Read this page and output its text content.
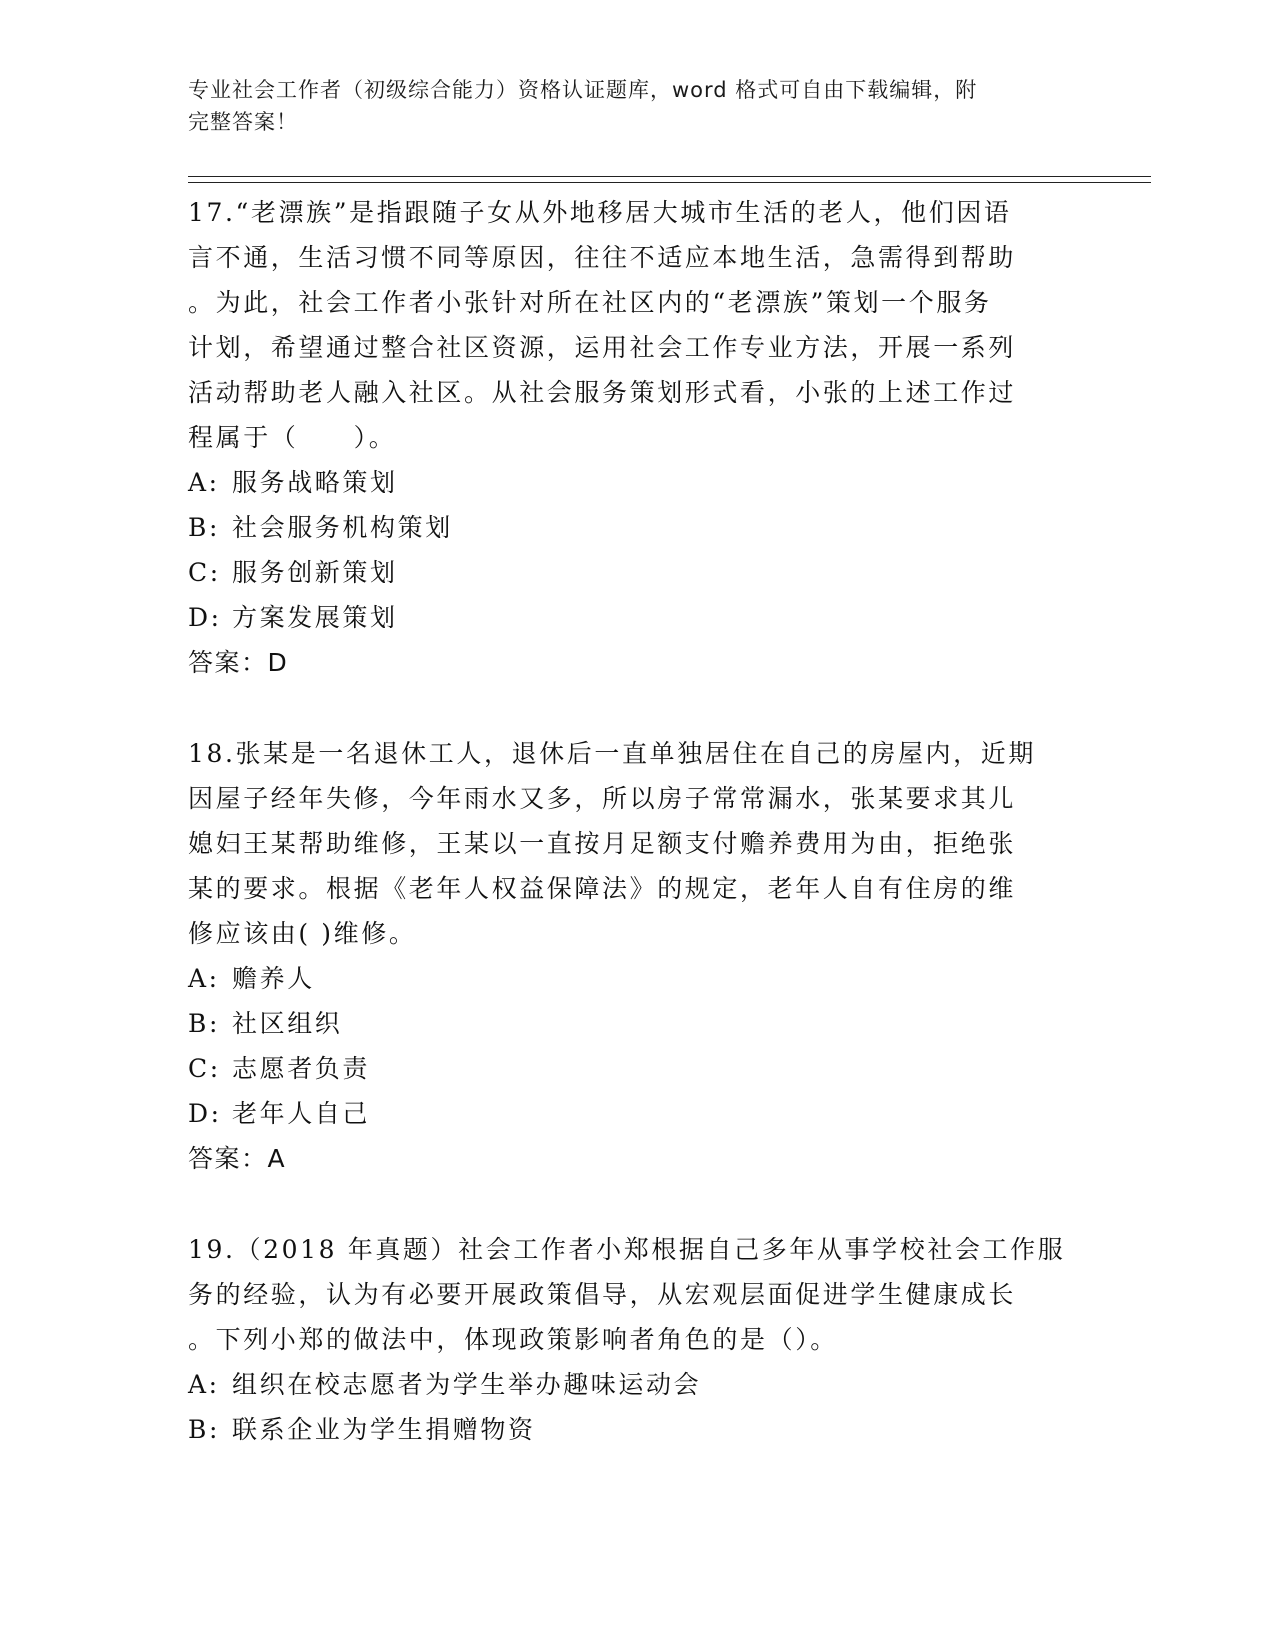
专业社会工作者（初级综合能力）资格认证题库，word 格式可自由下载编辑，附
完整答案！

17.“老漂族”是指跟随子女从外地移居大城市生活的老人，他们因语
言不通，生活习惯不同等原因，往往不适应本地生活，急需得到帮助
。为此，社会工作者小张针对所在社区内的“老漂族”策划一个服务
计划，希望通过整合社区资源，运用社会工作专业方法，开展一系列
活动帮助老人融入社区。从社会服务策划形式看，小张的上述工作过
程属于（　　）。

A: 服务战略策划

B: 社会服务机构策划

C: 服务创新策划

D: 方案发展策划

答案：D

18.张某是一名退休工人，退休后一直单独居住在自己的房屋内，近期
因屋子经年失修，今年雨水又多，所以房子常常漏水，张某要求其儿
媳妇王某帮助维修，王某以一直按月足额支付赡养费用为由，拒绝张
某的要求。根据《老年人权益保障法》的规定，老年人自有住房的维
修应该由( )维修。

A: 赡养人

B: 社区组织

C: 志愿者负责

D: 老年人自己

答案：A

19.（2018 年真题）社会工作者小郑根据自己多年从事学校社会工作服
务的经验，认为有必要开展政策倡导，从宏观层面促进学生健康成长
。下列小郑的做法中，体现政策影响者角色的是（）。

A: 组织在校志愿者为学生举办趣味运动会

B: 联系企业为学生捐赠物资
